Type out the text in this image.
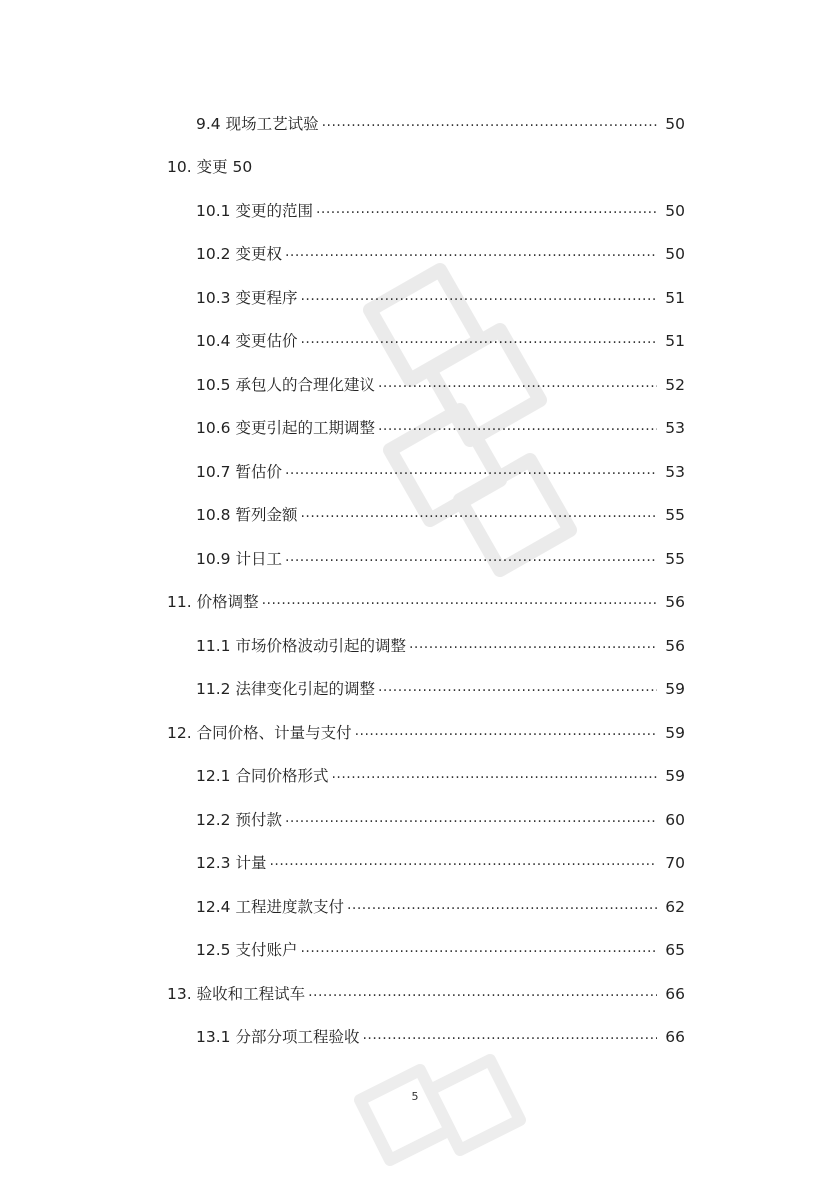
9.4 现场工艺试验 .....	50
10. 变更 50
10.1 变更的范围 .....	50
10.2 变更权 .....	50
10.3 变更程序 .....	51
10.4 变更估价 .....	51
10.5 承包人的合理化建议 .....	52
10.6 变更引起的工期调整 .....	53
10.7 暂估价 .....	53
10.8 暂列金额 .....	55
10.9 计日工 .....	55
11. 价格调整 .....	56
11.1 市场价格波动引起的调整 .....	56
11.2 法律变化引起的调整 .....	59
12. 合同价格、计量与支付 .....	59
12.1 合同价格形式 .....	59
12.2 预付款 .....	60
12.3 计量 .....	70
12.4 工程进度款支付 .....	62
12.5 支付账户 .....	65
13. 验收和工程试车 .....	66
13.1 分部分项工程验收 .....	66
5
